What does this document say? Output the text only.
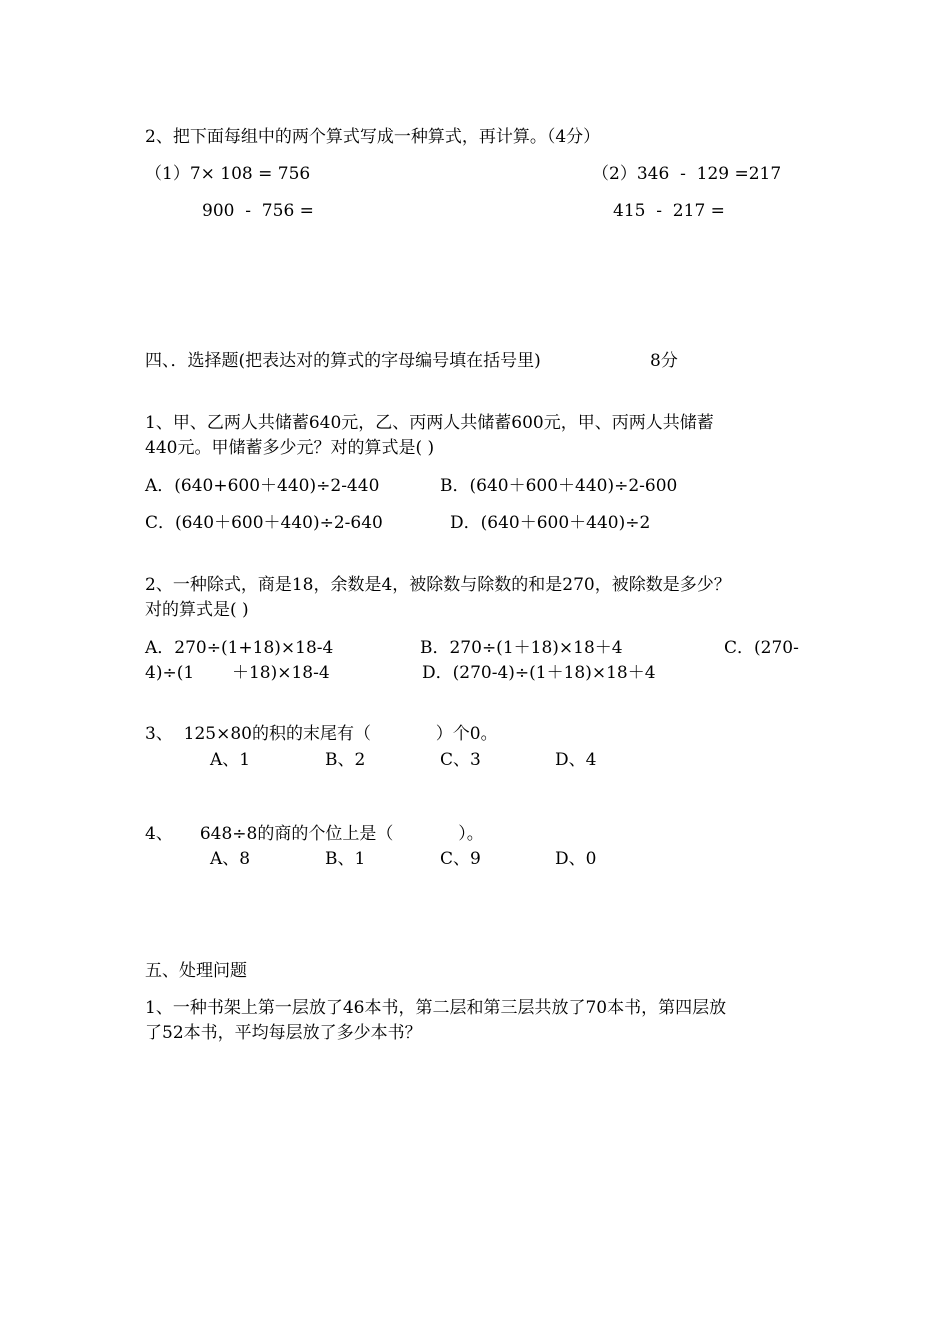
2、把下面每组中的两个算式写成一种算式，再计算。（4分）
（1）7× 108 = 756
900  -  756 =
（2）346  -  129 =217
415  -  217 =
四、．选择题(把表达对的算式的字母编号填在括号里)	8分
1、甲、乙两人共储蓄640元，乙、丙两人共储蓄600元，甲、丙两人共储蓄
440元。甲储蓄多少元？对的算式是( )
A．(640+600＋440)÷2-440	B．(640＋600＋440)÷2-600
C．(640＋600＋440)÷2-640	D．(640＋600＋440)÷2
2、一种除式，商是18，余数是4，被除数与除数的和是270，被除数是多少？
对的算式是( )
A．270÷(1+18)×18-4	B．270÷(1＋18)×18＋4	C．(270-
4)÷(1       ＋18)×18-4	D．(270-4)÷(1＋18)×18＋4
3、  125×80的积的末尾有（            ）个0。
A、1	B、2	C、3	D、4
4、     648÷8的商的个位上是（            ）。
A、8	B、1	C、9	D、0
五、处理问题
1、一种书架上第一层放了46本书，第二层和第三层共放了70本书，第四层放
了52本书，平均每层放了多少本书？
